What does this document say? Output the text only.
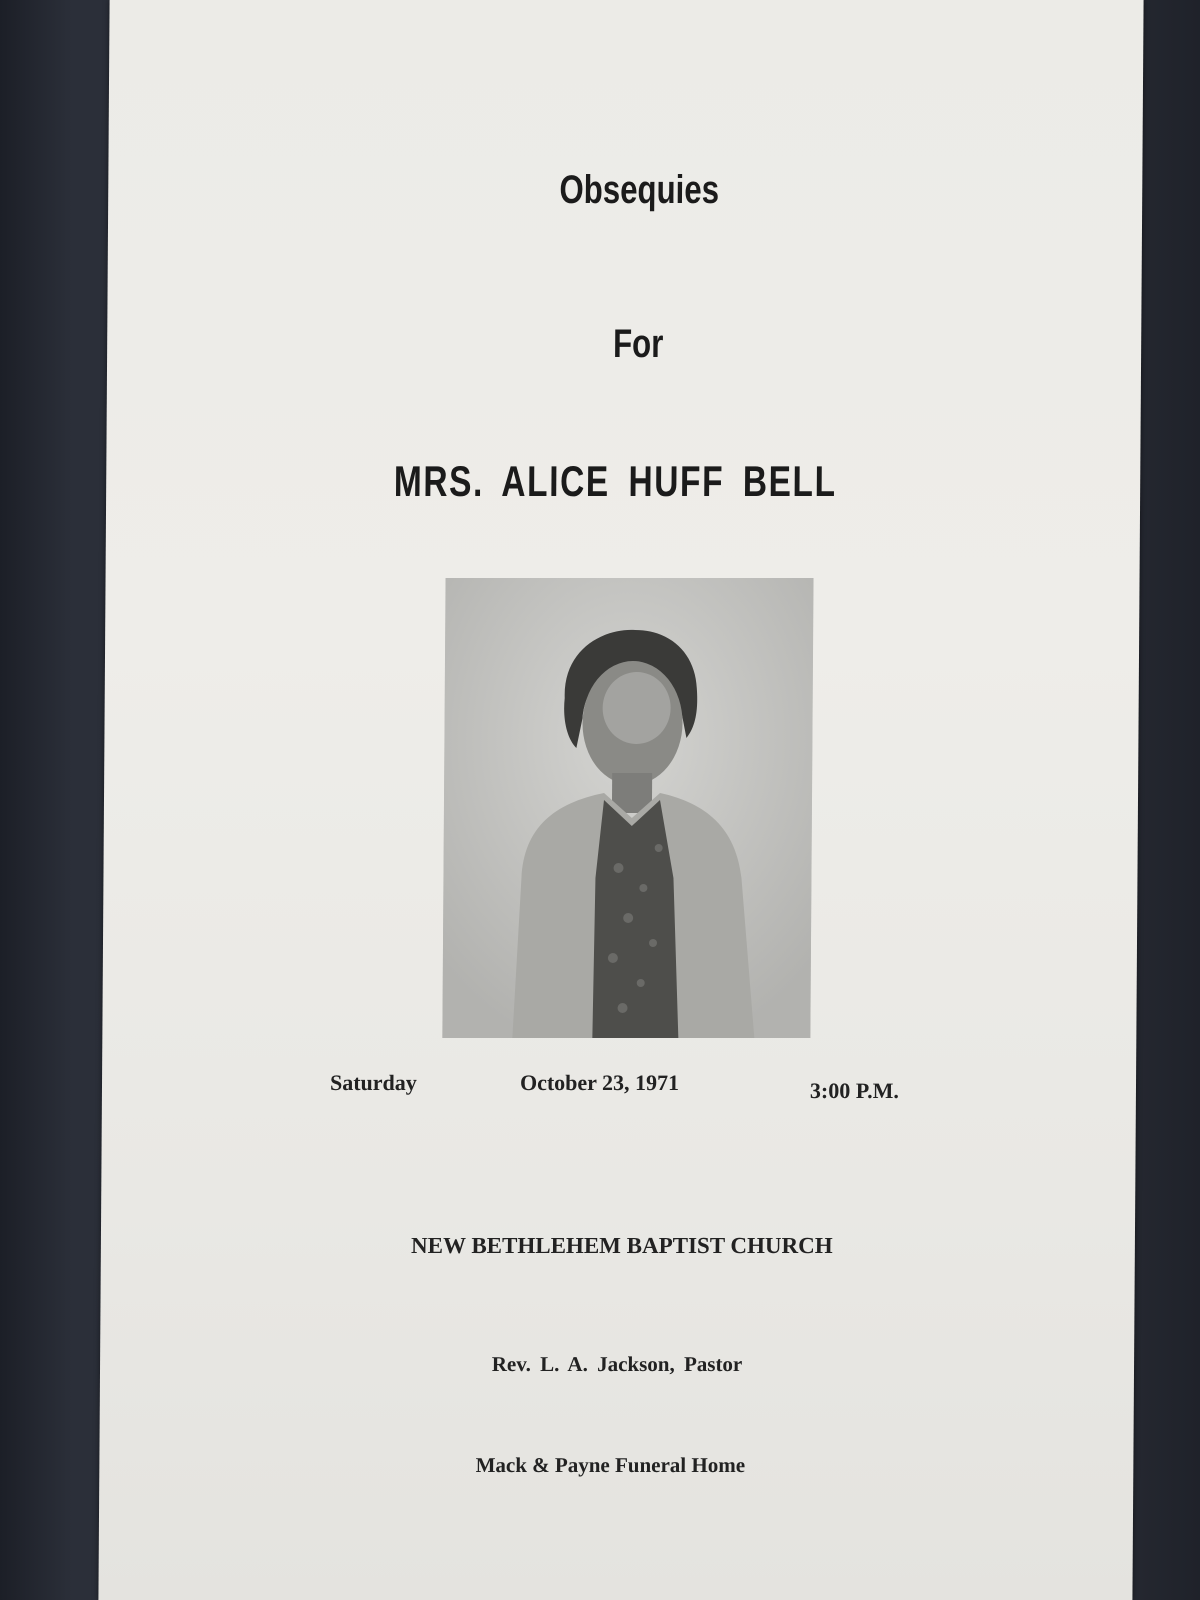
Obsequies

For

MRS. ALICE HUFF BELL

Saturday	October 23, 1971	3:00 P.M.

NEW BETHLEHEM BAPTIST CHURCH

Rev. L. A. Jackson, Pastor

Mack & Payne Funeral Home
